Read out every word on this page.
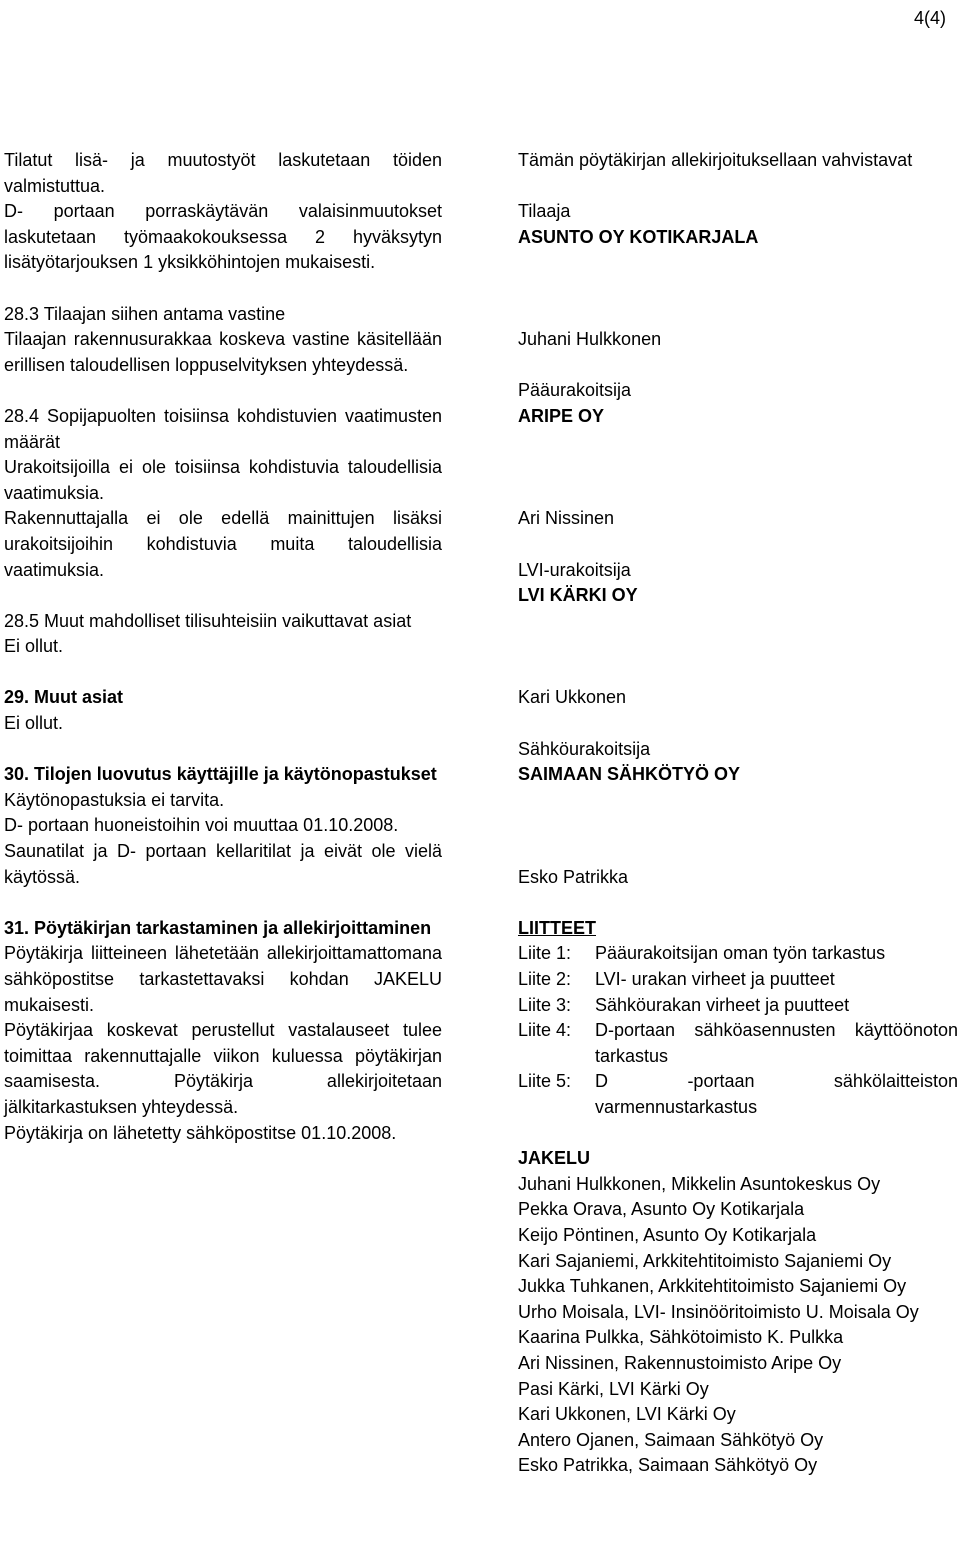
4(4)
Tilatut lisä- ja muutostyöt laskutetaan töiden valmistuttua.
D- portaan porraskäytävän valaisinmuutokset laskutetaan työmaakokouksessa 2 hyväksytyn lisätyötarjouksen 1 yksikköhintojen mukaisesti.
28.3 Tilaajan siihen antama vastine
Tilaajan rakennusurakkaa koskeva vastine käsitellään erillisen taloudellisen loppuselvityksen yhteydessä.
28.4 Sopijapuolten toisiinsa kohdistuvien vaatimusten määrät
Urakoitsijoilla ei ole toisiinsa kohdistuvia taloudellisia vaatimuksia.
Rakennuttajalla ei ole edellä mainittujen lisäksi urakoitsijoihin kohdistuvia muita taloudellisia vaatimuksia.
28.5 Muut mahdolliset tilisuhteisiin vaikuttavat asiat
Ei ollut.
29. Muut asiat
Ei ollut.
30. Tilojen luovutus käyttäjille ja käytönopastukset
Käytönopastuksia ei tarvita.
D- portaan huoneistoihin voi muuttaa 01.10.2008.
Saunatilat ja D- portaan kellaritilat ja eivät ole vielä käytössä.
31. Pöytäkirjan tarkastaminen ja allekirjoittaminen
Pöytäkirja liitteineen lähetetään allekirjoittamattomana sähköpostitse tarkastettavaksi kohdan JAKELU mukaisesti.
Pöytäkirjaa koskevat perustellut vastalauseet tulee toimittaa rakennuttajalle viikon kuluessa pöytäkirjan saamisesta. Pöytäkirja allekirjoitetaan jälkitarkastuksen yhteydessä.
Pöytäkirja on lähetetty sähköpostitse 01.10.2008.
Tämän pöytäkirjan allekirjoituksellaan vahvistavat
Tilaaja
ASUNTO OY KOTIKARJALA
Juhani Hulkkonen
Pääurakoitsija
ARIPE OY
Ari Nissinen
LVI-urakoitsija
LVI KÄRKI OY
Kari Ukkonen
Sähköurakoitsija
SAIMAAN SÄHKÖTYÖ OY
Esko Patrikka
LIITTEET
Liite 1:	Pääurakoitsijan oman työn tarkastus
Liite 2:	LVI- urakan virheet ja puutteet
Liite 3:	Sähköurakan virheet ja puutteet
Liite 4:	D-portaan sähköasennusten käyttöönoton tarkastus
Liite 5:	D -portaan sähkölaitteiston varmennustarkastus
JAKELU
Juhani Hulkkonen, Mikkelin Asuntokeskus Oy
Pekka Orava, Asunto Oy Kotikarjala
Keijo Pöntinen, Asunto Oy Kotikarjala
Kari Sajaniemi, Arkkitehtitoimisto Sajaniemi Oy
Jukka Tuhkanen, Arkkitehtitoimisto Sajaniemi Oy
Urho Moisala, LVI- Insinööritoimisto U. Moisala Oy
Kaarina Pulkka, Sähkötoimisto K. Pulkka
Ari Nissinen, Rakennustoimisto Aripe Oy
Pasi Kärki, LVI Kärki Oy
Kari Ukkonen, LVI Kärki Oy
Antero Ojanen, Saimaan Sähkötyö Oy
Esko Patrikka, Saimaan Sähkötyö Oy
